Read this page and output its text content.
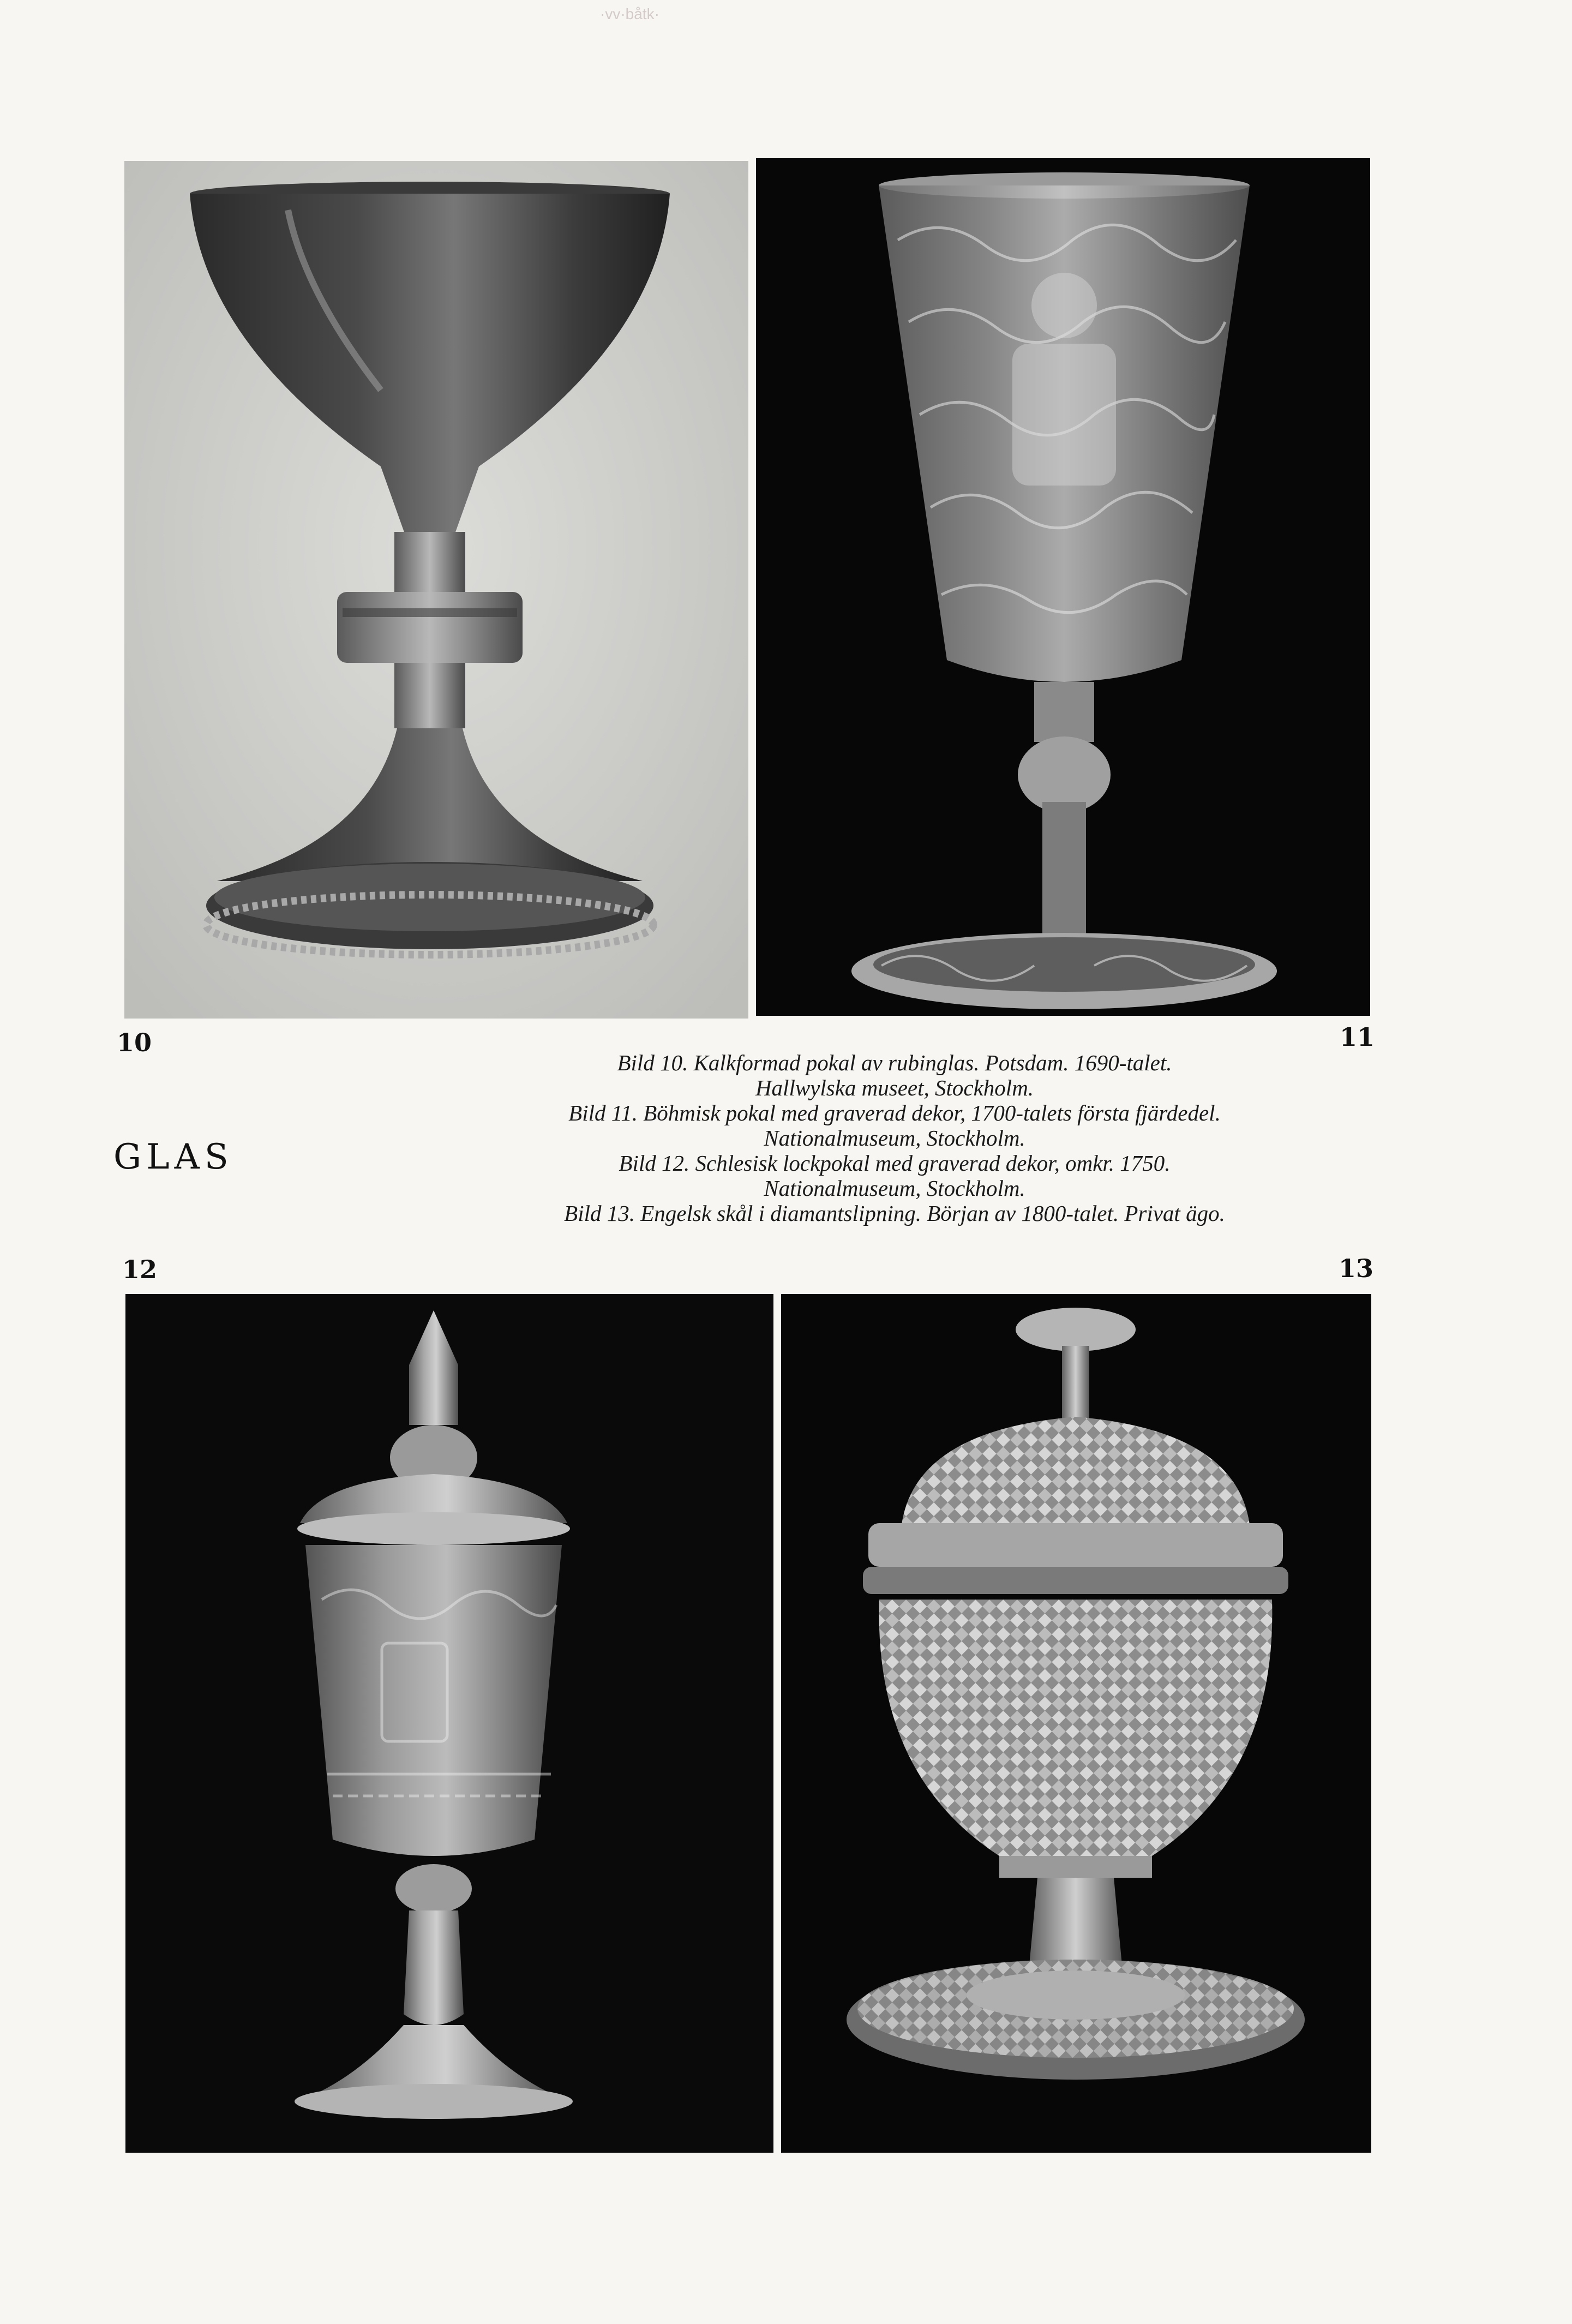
·vv·båtk·
10	11
12	13
GLAS
Bild 10. Kalkformad pokal av rubinglas. Potsdam. 1690-talet.
Hallwylska museet, Stockholm.
Bild 11. Böhmisk pokal med graverad dekor, 1700-talets första fjärdedel.
Nationalmuseum, Stockholm.
Bild 12. Schlesisk lockpokal med graverad dekor, omkr. 1750.
Nationalmuseum, Stockholm.
Bild 13. Engelsk skål i diamantslipning. Början av 1800-talet. Privat ägo.
